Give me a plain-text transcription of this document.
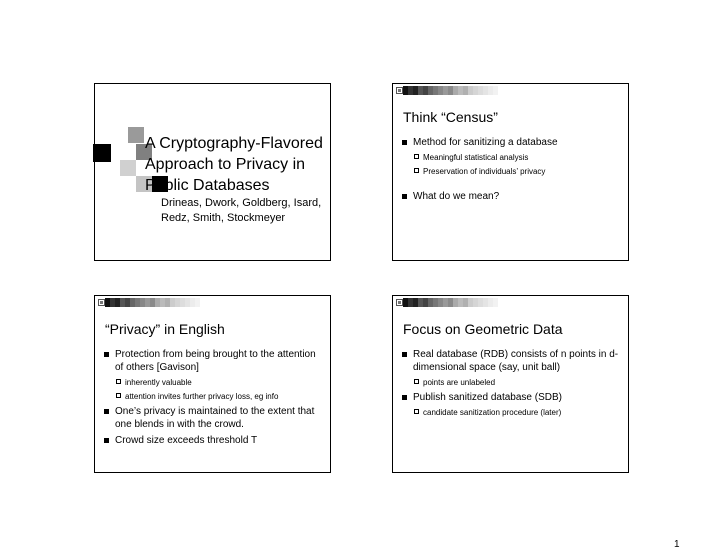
A Cryptography-Flavored Approach to Privacy in Public Databases
Drineas, Dwork, Goldberg, Isard, Redz, Smith, Stockmeyer
Think “Census”
Method for sanitizing a database
Meaningful statistical analysis
Preservation of individuals’ privacy
What do we mean?
“Privacy” in English
Protection from being brought to the attention of others [Gavison]
inherently valuable
attention invites further privacy loss, eg info
One’s privacy is maintained to the extent that one blends in with the crowd.
Crowd size exceeds threshold T
Focus on Geometric Data
Real database (RDB) consists of n points in d-dimensional space (say, unit ball)
points are unlabeled
Publish sanitized database (SDB)
candidate sanitization procedure (later)
1
